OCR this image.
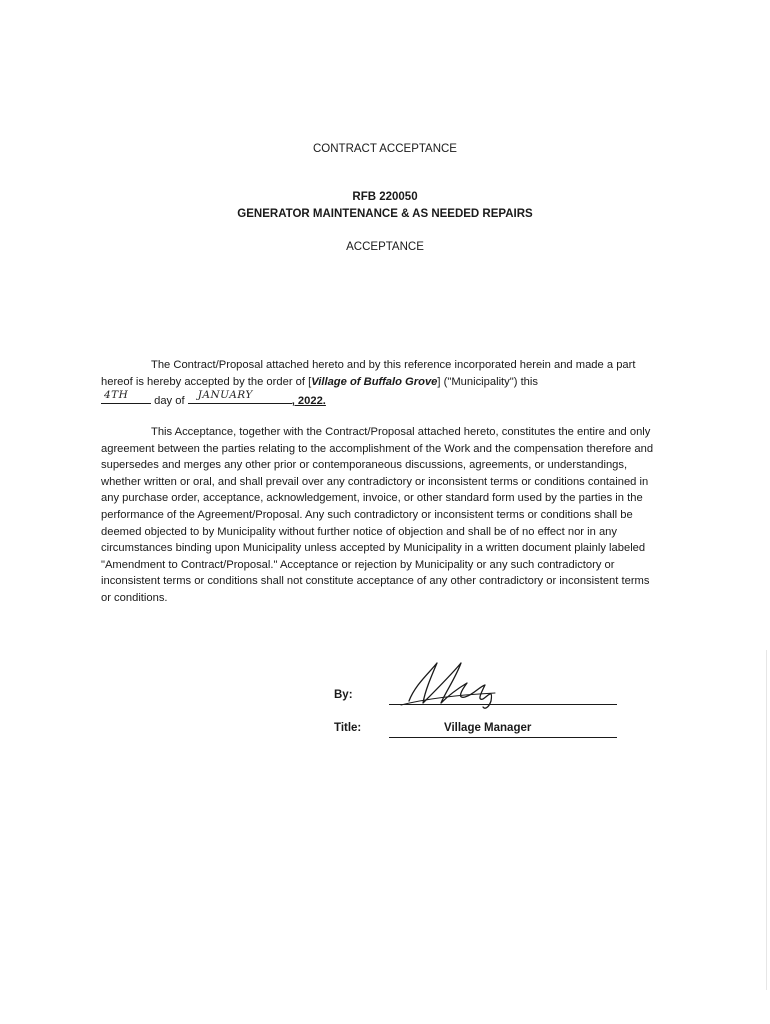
CONTRACT ACCEPTANCE
RFB 220050
GENERATOR MAINTENANCE & AS NEEDED REPAIRS
ACCEPTANCE
The Contract/Proposal attached hereto and by this reference incorporated herein and made a part hereof is hereby accepted by the order of [Village of Buffalo Grove] ("Municipality") this

4TH day of JANUARY	, 2022.
This Acceptance, together with the Contract/Proposal attached hereto, constitutes the entire and only agreement between the parties relating to the accomplishment of the Work and the compensation therefore and supersedes and merges any other prior or contemporaneous discussions, agreements, or understandings, whether written or oral, and shall prevail over any contradictory or inconsistent terms or conditions contained in any purchase order, acceptance, acknowledgement, invoice, or other standard form used by the parties in the performance of the Agreement/Proposal. Any such contradictory or inconsistent terms or conditions shall be deemed objected to by Municipality without further notice of objection and shall be of no effect nor in any circumstances binding upon Municipality unless accepted by Municipality in a written document plainly labeled "Amendment to Contract/Proposal." Acceptance or rejection by Municipality or any such contradictory or inconsistent terms or conditions shall not constitute acceptance of any other contradictory or inconsistent terms or conditions.
By:
Title:	Village Manager
